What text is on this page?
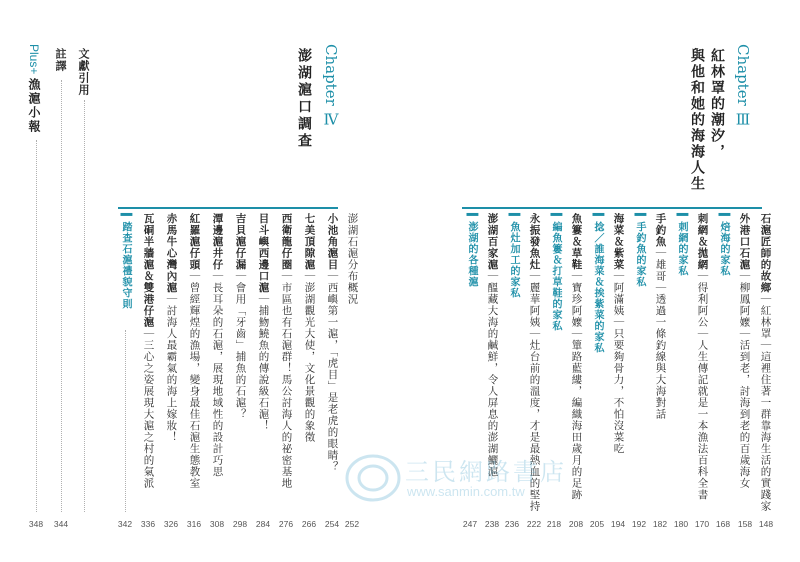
Plus+漁滬小報
348
註譯
344
文獻引用	Chapter Ⅳ
澎湖滬口調查
▍踏查石滬禮貌守則
342
瓦硐半牆滬＆雙港仔滬｜三心之姿展現大滬之村的氣派
336
赤馬牛心灣內滬｜討海人最霸氣的海上嫁妝！
326
紅羅滬仔頭｜曾經輝煌的漁場，變身最佳石滬生態教室
316
潭邊滬井仔｜長耳朵的石滬，展現地域性的設計巧思
308
吉貝滬仔漏｜會用「牙齒」捕魚的石滬？
298
目斗嶼西邊口滬｜捕魩鱙魚的傳說級石滬！
284
西衛龍仔圈｜市區也有石滬群！馬公討海人的祕密基地
276
七美頂隙滬｜澎湖觀光大使，文化景觀的象徵
266
小池角滬目｜西嶼第一滬，「虎目」是老虎的眼睛？
254
澎湖石滬分布概況
252
Chapter Ⅲ
紅林罩的潮汐，
與他和她的海海人生
▍澎湖的各種滬
247
澎湖百家滬｜醞藏大海的鹹鮮，令人屏息的澎湖鱺滬
238
▍魚灶加工的家私
236
永振發魚灶｜麗華阿姨｜灶台前的溫度，才是最熱血的堅持
222
▍編魚簍＆打草鞋的家私
218
魚簍＆草鞋｜寶珍阿嬤｜簞路藍縷，編織海田歲月的足跡
208
▍捻／誰海菜＆挨紫菜的家私
205
海菜＆紫菜｜阿滿姨｜只要夠骨力，不怕沒菜吃
194
▍手釣魚的家私
192
手釣魚｜雄哥｜透過一條釣線與大海對話
182
▍刺網的家私
180
刺網＆拋網｜得利阿公｜人生傳記就是一本漁法百科全書
170
▍焙海的家私
168
外港口石滬｜柳鳳阿嬤｜活到老，討海到老的百歲海女
158
石滬匠師的故鄉｜紅林罩｜這裡住著一群靠海生活的實踐家
148
三民網路書店
www.sanmin.com.tw
